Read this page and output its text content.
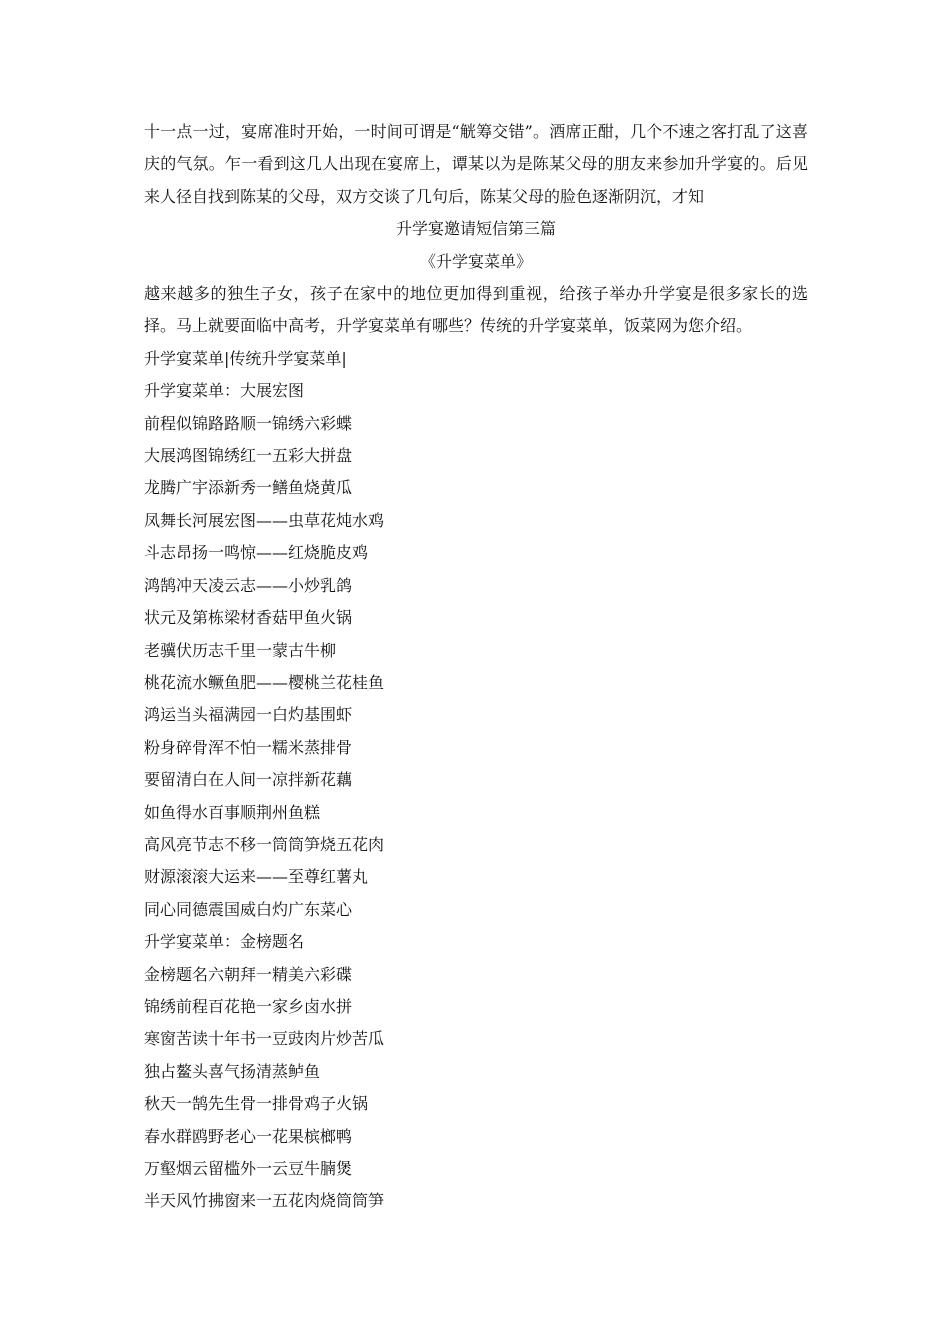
十一点一过，宴席准时开始，一时间可谓是“觥筹交错”。酒席正酣，几个不速之客打乱了这喜庆的气氛。乍一看到这几人出现在宴席上，谭某以为是陈某父母的朋友来参加升学宴的。后见来人径自找到陈某的父母，双方交谈了几句后，陈某父母的脸色逐渐阴沉，才知

升学宴邀请短信第三篇

《升学宴菜单》

越来越多的独生子女，孩子在家中的地位更加得到重视，给孩子举办升学宴是很多家长的选择。马上就要面临中高考，升学宴菜单有哪些？传统的升学宴菜单，饭菜网为您介绍。

升学宴菜单|传统升学宴菜单|

升学宴菜单：大展宏图

前程似锦路路顺一锦绣六彩蝶

大展鸿图锦绣红一五彩大拼盘

龙腾广宇添新秀一鳝鱼烧黄瓜

凤舞长河展宏图——虫草花炖水鸡

斗志昂扬一鸣惊——红烧脆皮鸡

鸿鹄冲天凌云志——小炒乳鸽

状元及第栋梁材香菇甲鱼火锅

老骥伏历志千里一蒙古牛柳

桃花流水鳜鱼肥——樱桃兰花桂鱼

鸿运当头福满园一白灼基围虾

粉身碎骨浑不怕一糯米蒸排骨

要留清白在人间一凉拌新花藕

如鱼得水百事顺荆州鱼糕

高风亮节志不移一筒筒笋烧五花肉

财源滚滚大运来——至尊红薯丸

同心同德震国威白灼广东菜心

升学宴菜单：金榜题名

金榜题名六朝拜一精美六彩碟

锦绣前程百花艳一家乡卤水拼

寒窗苦读十年书一豆豉肉片炒苦瓜

独占鳌头喜气扬清蒸鲈鱼

秋天一鹄先生骨一排骨鸡子火锅

春水群鸥野老心一花果槟榔鸭

万壑烟云留槛外一云豆牛腩煲

半天风竹拂窗来一五花肉烧筒筒笋
